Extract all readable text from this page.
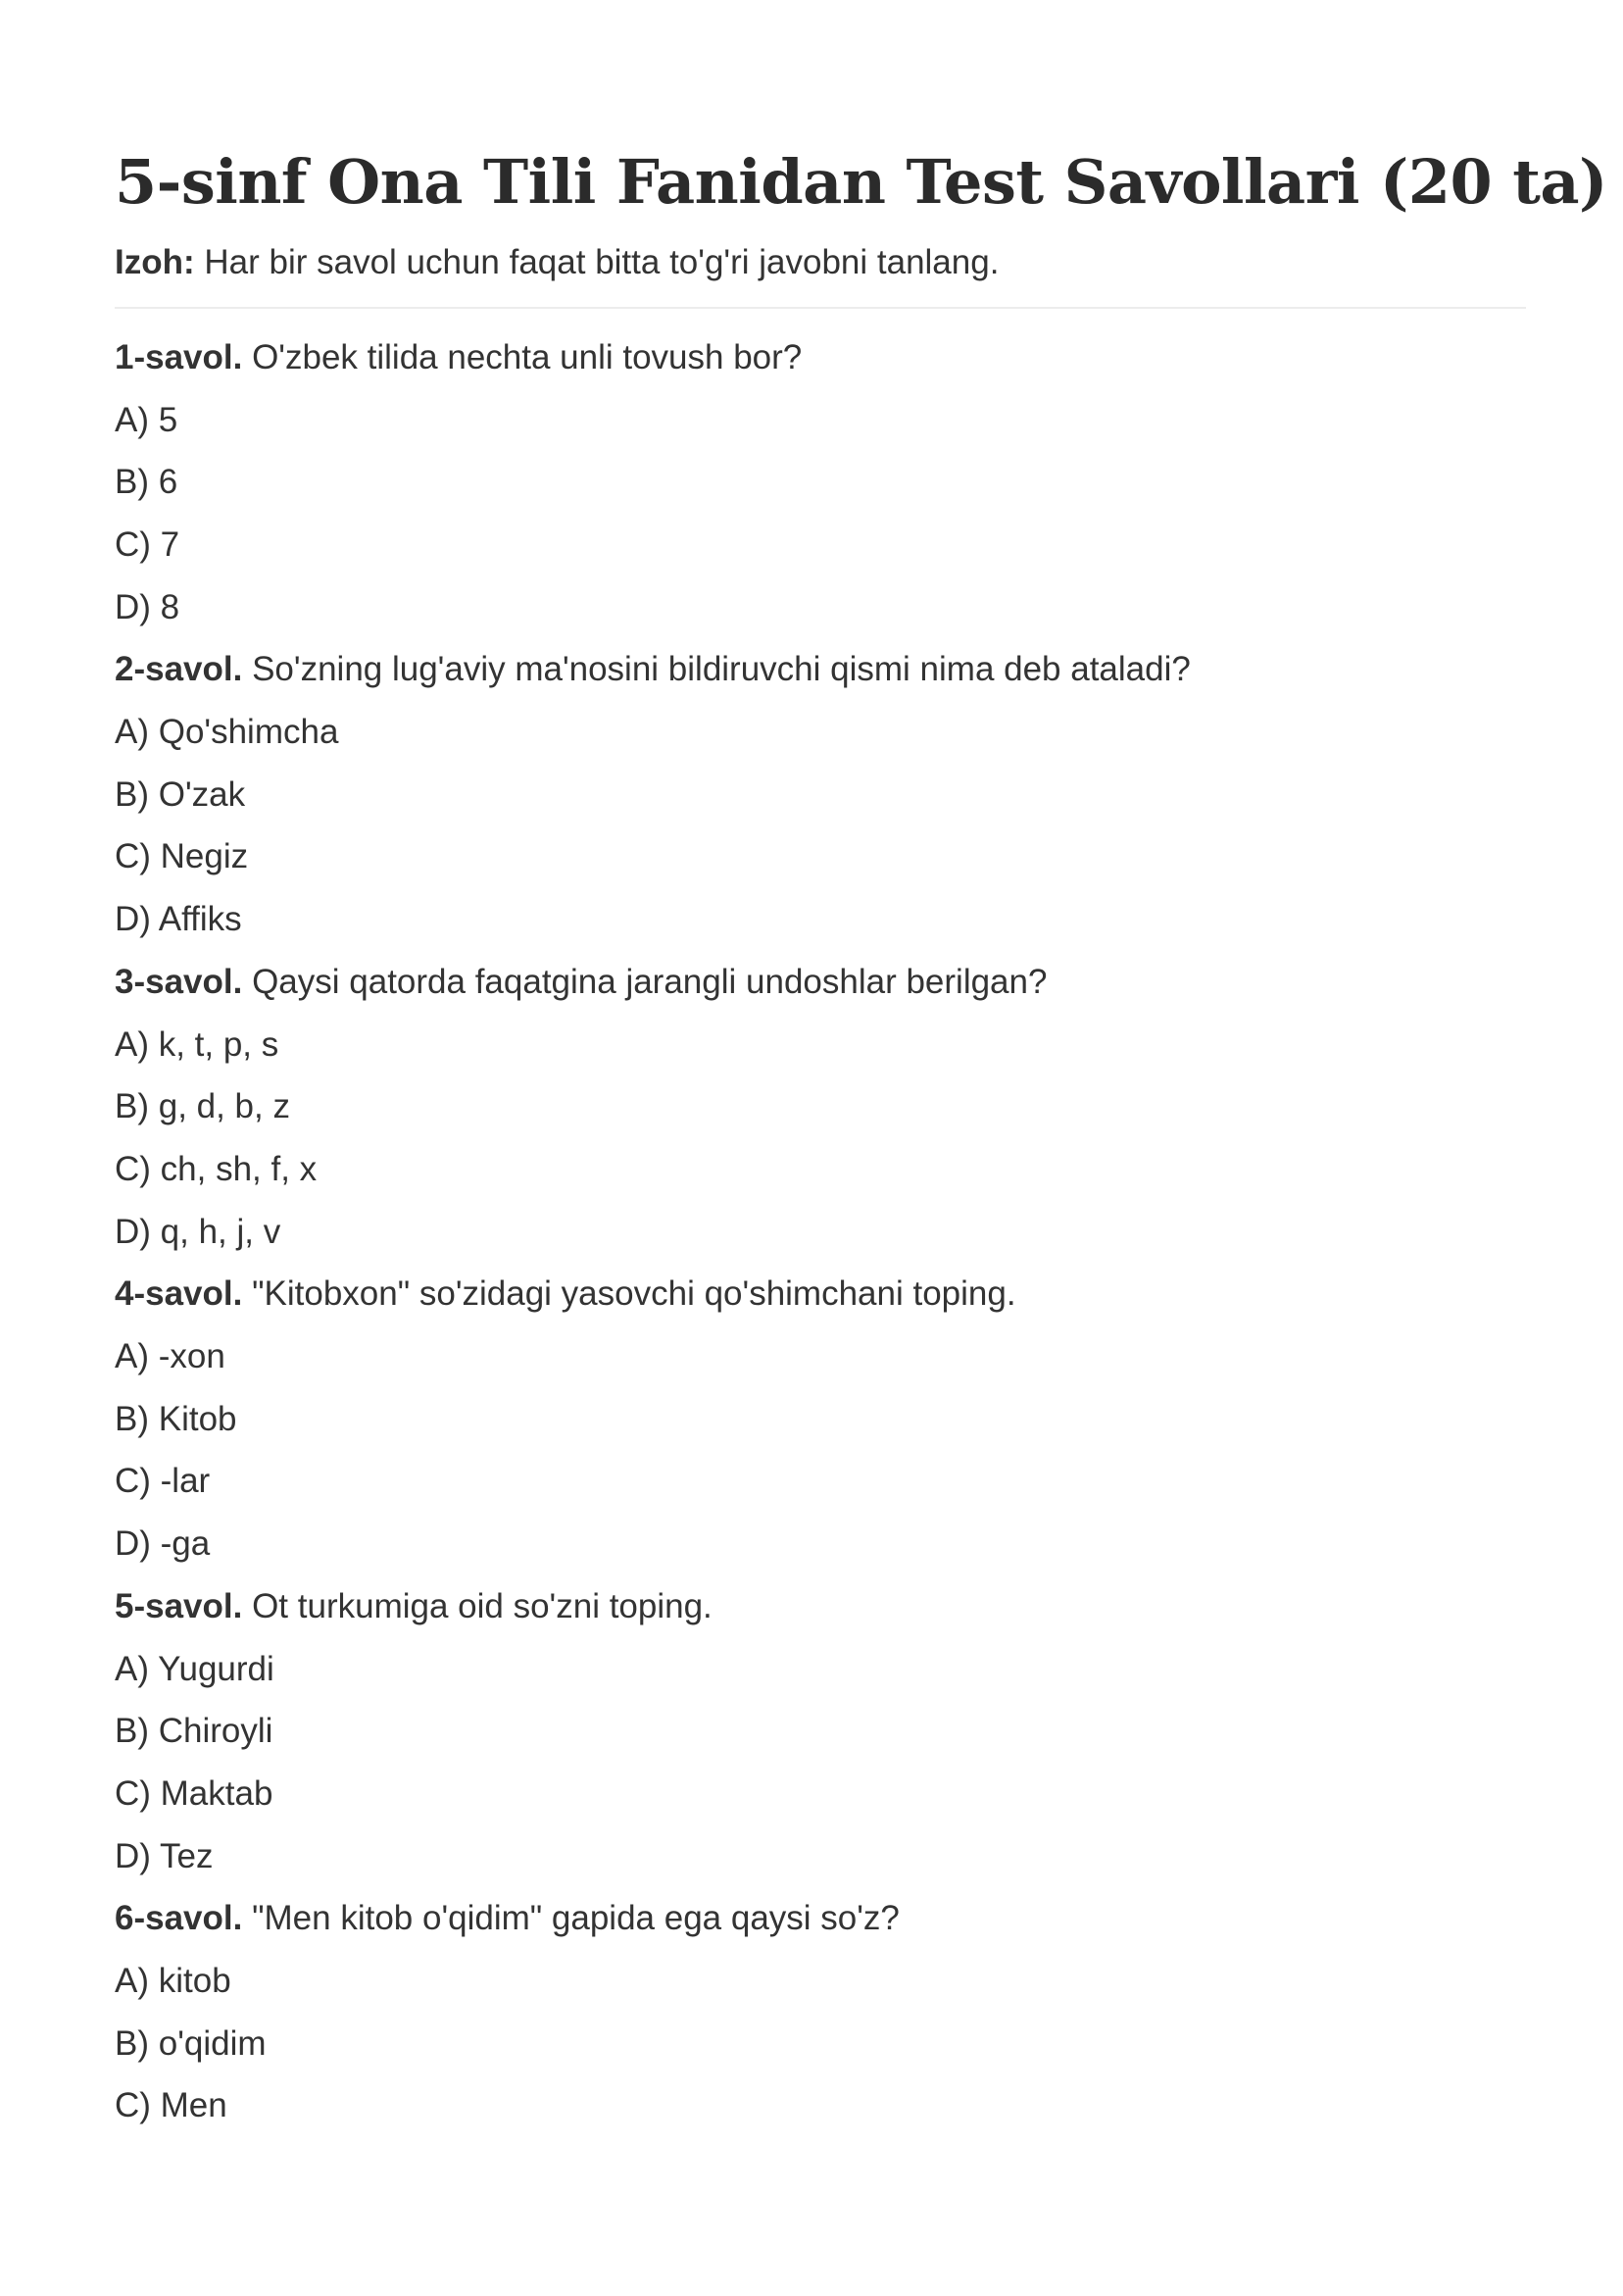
5-sinf Ona Tili Fanidan Test Savollari (20 ta)
Izoh: Har bir savol uchun faqat bitta to'g'ri javobni tanlang.
1-savol. O'zbek tilida nechta unli tovush bor?
A) 5
B) 6
C) 7
D) 8
2-savol. So'zning lug'aviy ma'nosini bildiruvchi qismi nima deb ataladi?
A) Qo'shimcha
B) O'zak
C) Negiz
D) Affiks
3-savol. Qaysi qatorda faqatgina jarangli undoshlar berilgan?
A) k, t, p, s
B) g, d, b, z
C) ch, sh, f, x
D) q, h, j, v
4-savol. "Kitobxon" so'zidagi yasovchi qo'shimchani toping.
A) -xon
B) Kitob
C) -lar
D) -ga
5-savol. Ot turkumiga oid so'zni toping.
A) Yugurdi
B) Chiroyli
C) Maktab
D) Tez
6-savol. "Men kitob o'qidim" gapida ega qaysi so'z?
A) kitob
B) o'qidim
C) Men
